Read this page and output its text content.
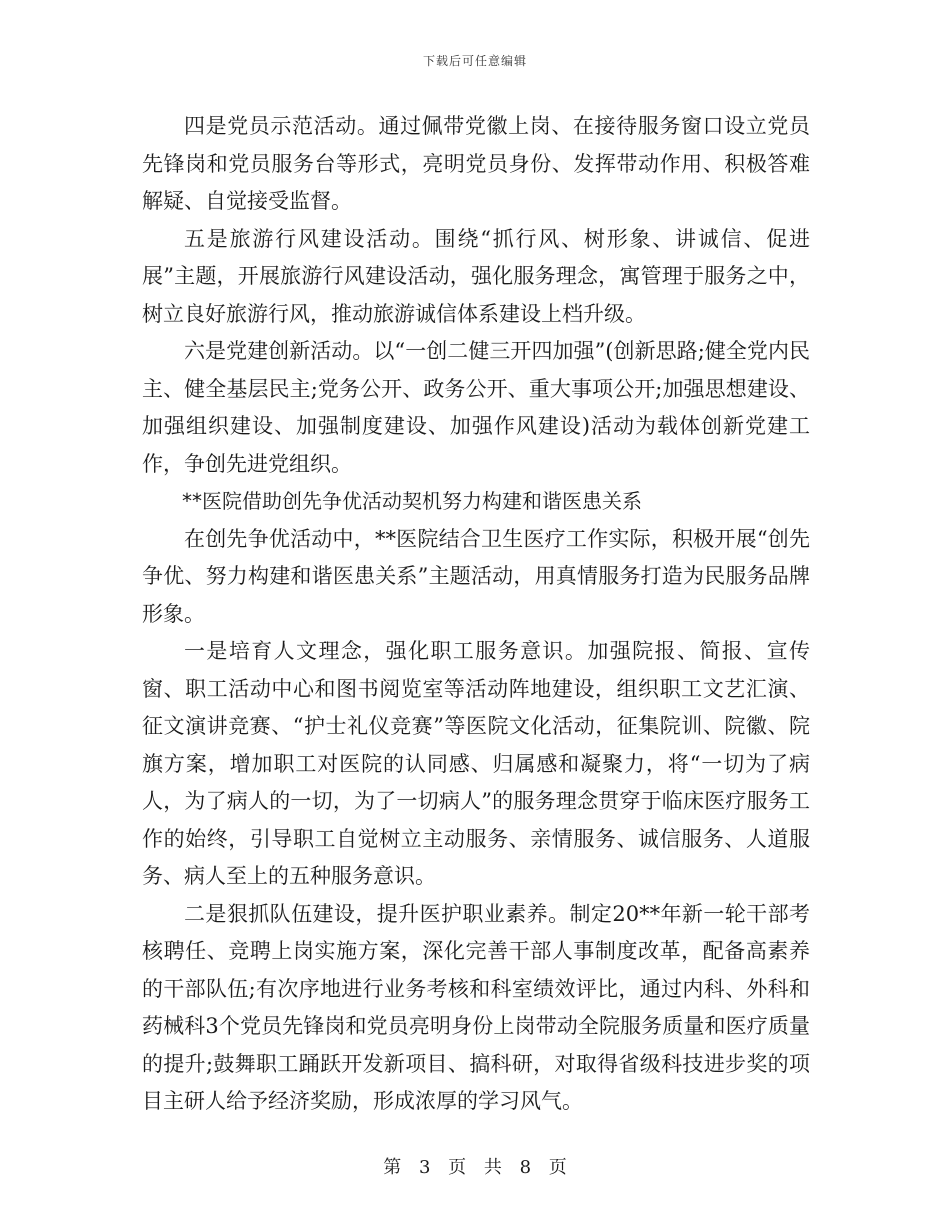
下载后可任意编辑

四是党员示范活动。通过佩带党徽上岗、在接待服务窗口设立党员先锋岗和党员服务台等形式，亮明党员身份、发挥带动作用、积极答难解疑、自觉接受监督。

五是旅游行风建设活动。围绕“抓行风、树形象、讲诚信、促进展”主题，开展旅游行风建设活动，强化服务理念，寓管理于服务之中，树立良好旅游行风，推动旅游诚信体系建设上档升级。

六是党建创新活动。以“一创二健三开四加强”(创新思路;健全党内民主、健全基层民主;党务公开、政务公开、重大事项公开;加强思想建设、加强组织建设、加强制度建设、加强作风建设)活动为载体创新党建工作，争创先进党组织。

**医院借助创先争优活动契机努力构建和谐医患关系

在创先争优活动中，**医院结合卫生医疗工作实际，积极开展“创先争优、努力构建和谐医患关系”主题活动，用真情服务打造为民服务品牌形象。

一是培育人文理念，强化职工服务意识。加强院报、简报、宣传窗、职工活动中心和图书阅览室等活动阵地建设，组织职工文艺汇演、征文演讲竞赛、“护士礼仪竞赛”等医院文化活动，征集院训、院徽、院旗方案，增加职工对医院的认同感、归属感和凝聚力，将“一切为了病人，为了病人的一切，为了一切病人”的服务理念贯穿于临床医疗服务工作的始终，引导职工自觉树立主动服务、亲情服务、诚信服务、人道服务、病人至上的五种服务意识。

二是狠抓队伍建设，提升医护职业素养。制定20**年新一轮干部考核聘任、竞聘上岗实施方案，深化完善干部人事制度改革，配备高素养的干部队伍;有次序地进行业务考核和科室绩效评比，通过内科、外科和药械科3个党员先锋岗和党员亮明身份上岗带动全院服务质量和医疗质量的提升;鼓舞职工踊跃开发新项目、搞科研，对取得省级科技进步奖的项目主研人给予经济奖励，形成浓厚的学习风气。

第 3 页 共 8 页
